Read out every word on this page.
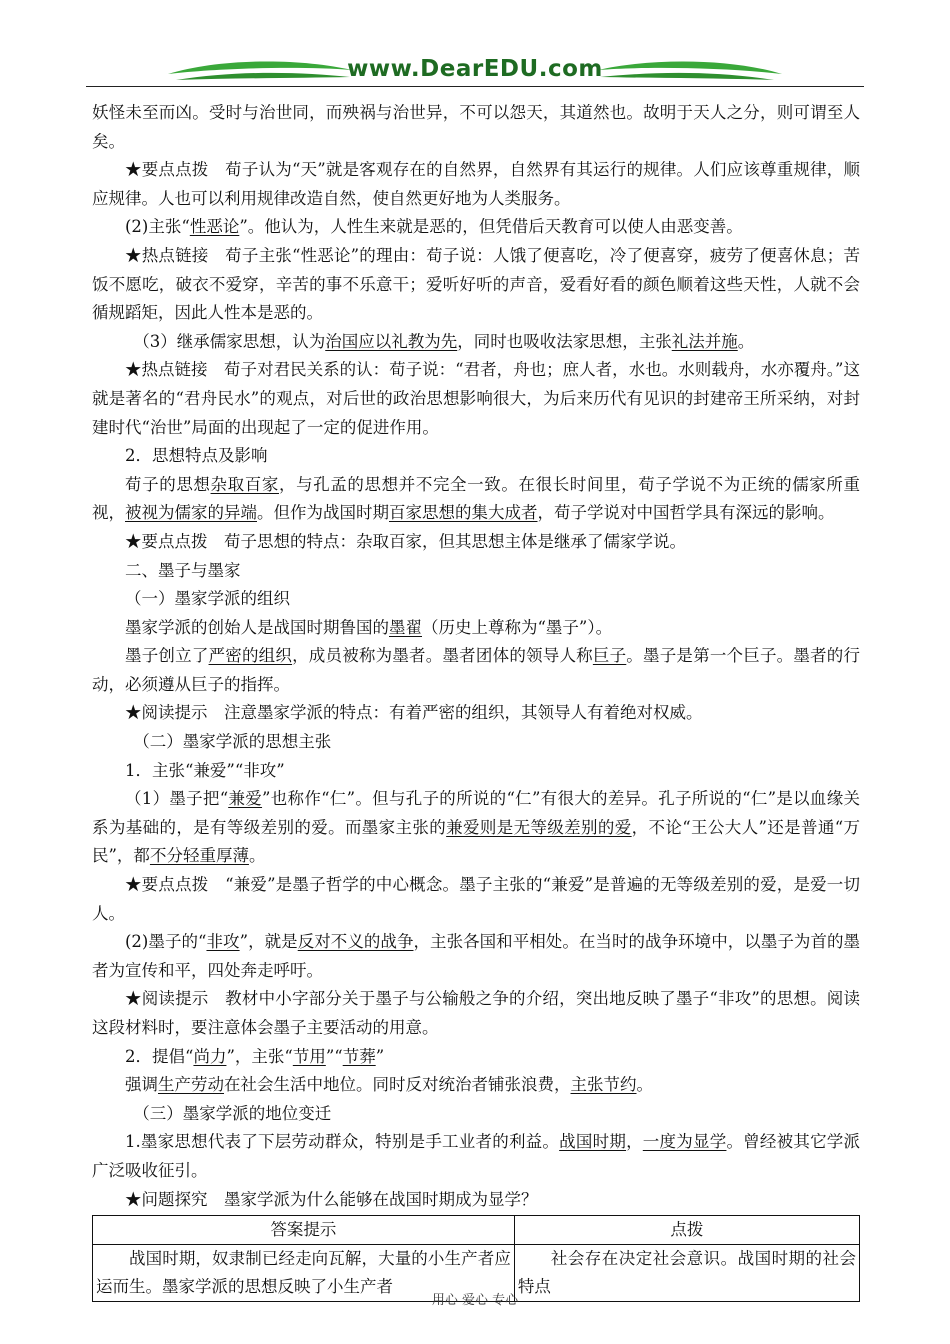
www.DearEDU.com

妖怪未至而凶。受时与治世同，而殃祸与治世异，不可以怨天，其道然也。故明于天人之分，则可谓至人矣。

★要点点拨　荀子认为“天”就是客观存在的自然界，自然界有其运行的规律。人们应该尊重规律，顺应规律。人也可以利用规律改造自然，使自然更好地为人类服务。

(2)主张“性恶论”。他认为，人性生来就是恶的，但凭借后天教育可以使人由恶变善。

★热点链接　荀子主张“性恶论”的理由：荀子说：人饿了便喜吃，冷了便喜穿，疲劳了便喜休息；苦饭不愿吃，破衣不爱穿，辛苦的事不乐意干；爱听好听的声音，爱看好看的颜色顺着这些天性，人就不会循规蹈矩，因此人性本是恶的。

（3）继承儒家思想，认为治国应以礼教为先，同时也吸收法家思想，主张礼法并施。

★热点链接　荀子对君民关系的认：荀子说：“君者，舟也；庶人者，水也。水则载舟，水亦覆舟。”这就是著名的“君舟民水”的观点，对后世的政治思想影响很大，为后来历代有见识的封建帝王所采纳，对封建时代“治世”局面的出现起了一定的促进作用。

2．思想特点及影响

荀子的思想杂取百家，与孔孟的思想并不完全一致。在很长时间里，荀子学说不为正统的儒家所重视，被视为儒家的异端。但作为战国时期百家思想的集大成者，荀子学说对中国哲学具有深远的影响。

★要点点拨　荀子思想的特点：杂取百家，但其思想主体是继承了儒家学说。

二、墨子与墨家

（一）墨家学派的组织

墨家学派的创始人是战国时期鲁国的墨翟（历史上尊称为“墨子”）。

墨子创立了严密的组织，成员被称为墨者。墨者团体的领导人称巨子。墨子是第一个巨子。墨者的行动，必须遵从巨子的指挥。

★阅读提示　注意墨家学派的特点：有着严密的组织，其领导人有着绝对权威。

（二）墨家学派的思想主张

1．主张“兼爱”“非攻”

（1）墨子把“兼爱”也称作“仁”。但与孔子的所说的“仁”有很大的差异。孔子所说的“仁”是以血缘关系为基础的，是有等级差别的爱。而墨家主张的兼爱则是无等级差别的爱，不论“王公大人”还是普通“万民”，都不分轻重厚薄。

★要点点拨　“兼爱”是墨子哲学的中心概念。墨子主张的“兼爱”是普遍的无等级差别的爱，是爱一切人。

(2)墨子的“非攻”，就是反对不义的战争，主张各国和平相处。在当时的战争环境中，以墨子为首的墨者为宣传和平，四处奔走呼吁。

★阅读提示　教材中小字部分关于墨子与公输般之争的介绍，突出地反映了墨子“非攻”的思想。阅读这段材料时，要注意体会墨子主要活动的用意。

2．提倡“尚力”，主张“节用”“节葬”

强调生产劳动在社会生活中地位。同时反对统治者铺张浪费，主张节约。

（三）墨家学派的地位变迁

1.墨家思想代表了下层劳动群众，特别是手工业者的利益。战国时期，一度为显学。曾经被其它学派广泛吸收征引。

★问题探究　墨家学派为什么能够在战国时期成为显学？

答案提示	点拨

战国时期，奴隶制已经走向瓦解，大量的小生产者应运而生。墨家学派的思想反映了小生产者	社会存在决定社会意识。战国时期的社会特点

用心 爱心 专心
